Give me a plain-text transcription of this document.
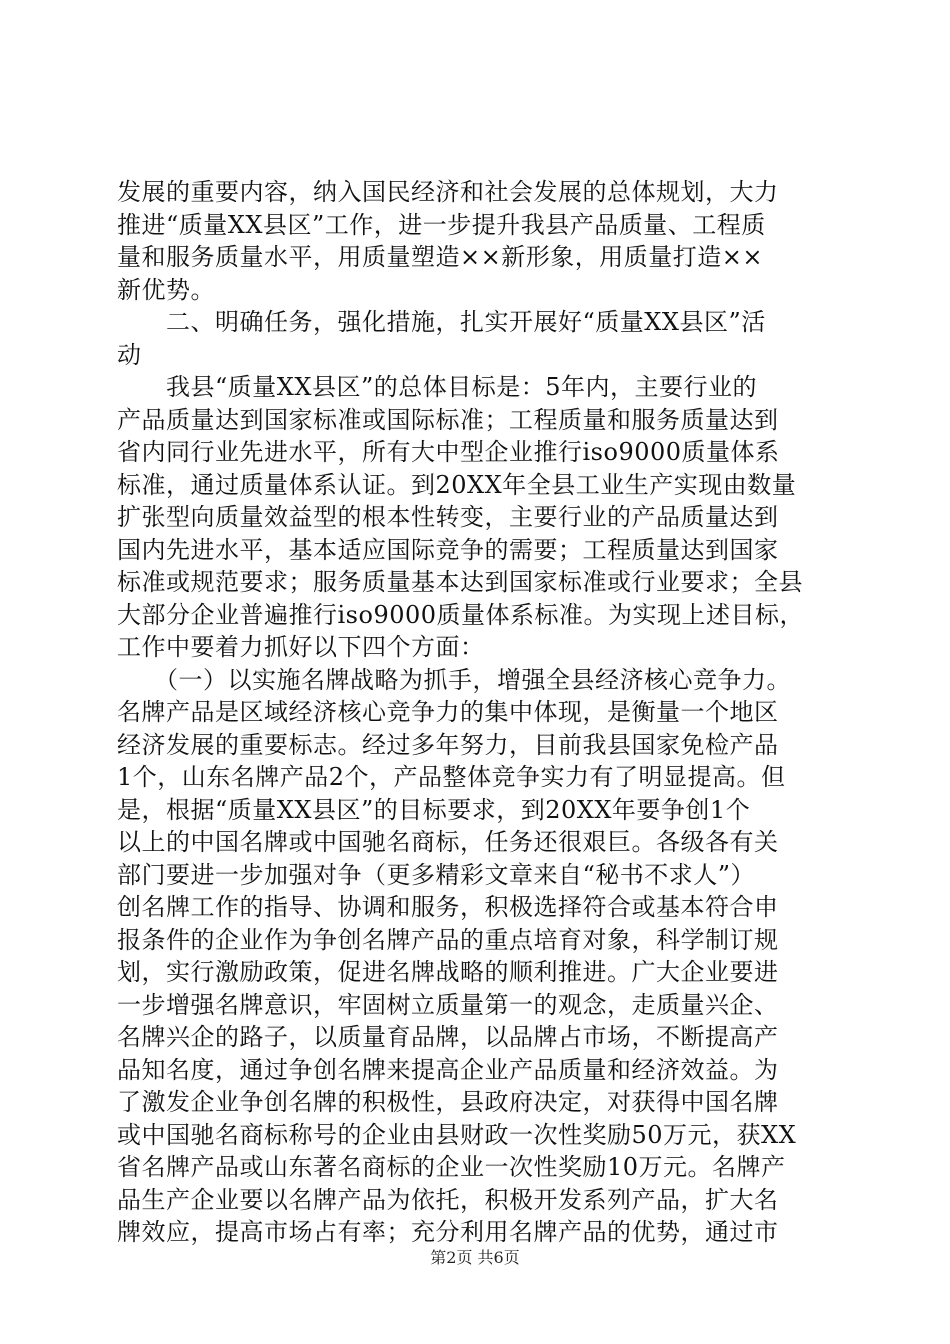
发展的重要内容，纳入国民经济和社会发展的总体规划，大力
推进“质量XX县区”工作，进一步提升我县产品质量、工程质
量和服务质量水平，用质量塑造××新形象，用质量打造××
新优势。
　　二、明确任务，强化措施，扎实开展好“质量XX县区”活
动
　　我县“质量XX县区”的总体目标是：5年内，主要行业的
产品质量达到国家标准或国际标准；工程质量和服务质量达到
省内同行业先进水平，所有大中型企业推行iso9000质量体系
标准，通过质量体系认证。到20XX年全县工业生产实现由数量
扩张型向质量效益型的根本性转变，主要行业的产品质量达到
国内先进水平，基本适应国际竞争的需要；工程质量达到国家
标准或规范要求；服务质量基本达到国家标准或行业要求；全县
大部分企业普遍推行iso9000质量体系标准。为实现上述目标，
工作中要着力抓好以下四个方面：
　　（一）以实施名牌战略为抓手，增强全县经济核心竞争力。
名牌产品是区域经济核心竞争力的集中体现，是衡量一个地区
经济发展的重要标志。经过多年努力，目前我县国家免检产品
1个，山东名牌产品2个，产品整体竞争实力有了明显提高。但
是，根据“质量XX县区”的目标要求，到20XX年要争创1个
以上的中国名牌或中国驰名商标，任务还很艰巨。各级各有关
部门要进一步加强对争（更多精彩文章来自“秘书不求人”）
创名牌工作的指导、协调和服务，积极选择符合或基本符合申
报条件的企业作为争创名牌产品的重点培育对象，科学制订规
划，实行激励政策，促进名牌战略的顺利推进。广大企业要进
一步增强名牌意识，牢固树立质量第一的观念，走质量兴企、
名牌兴企的路子，以质量育品牌，以品牌占市场，不断提高产
品知名度，通过争创名牌来提高企业产品质量和经济效益。为
了激发企业争创名牌的积极性，县政府决定，对获得中国名牌
或中国驰名商标称号的企业由县财政一次性奖励50万元，获XX
省名牌产品或山东著名商标的企业一次性奖励10万元。名牌产
品生产企业要以名牌产品为依托，积极开发系列产品，扩大名
牌效应，提高市场占有率；充分利用名牌产品的优势，通过市
第2页 共6页
